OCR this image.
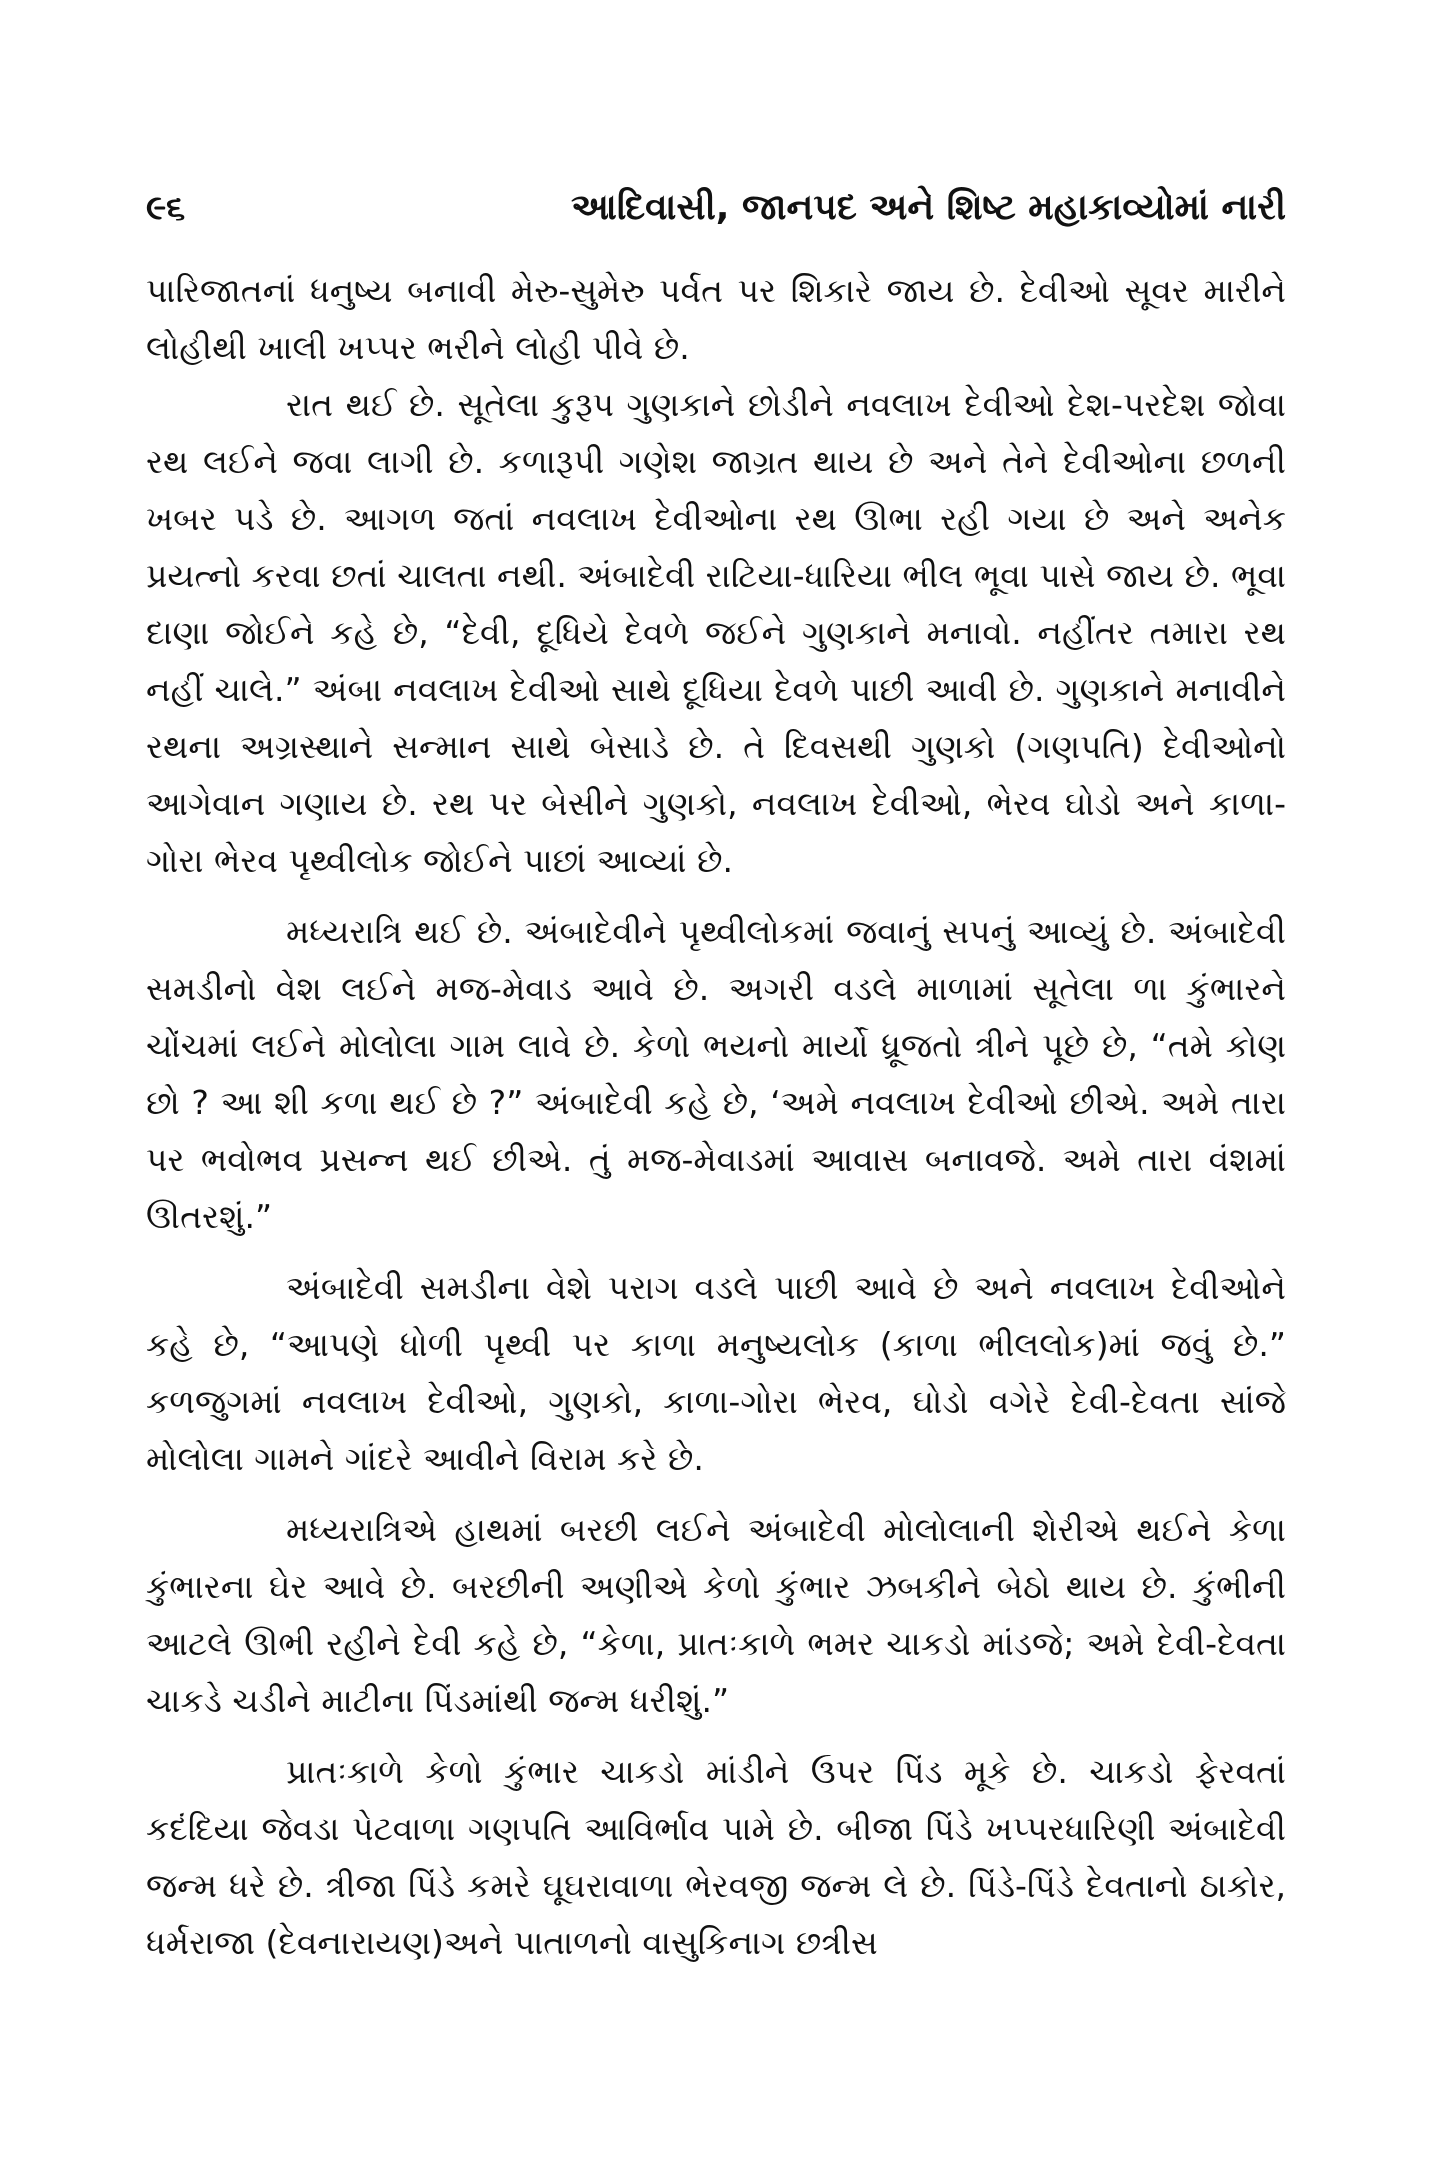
૯૬	આદિવાસી, જાનપદ અને શિષ્ટ મહાકાવ્યોમાં નારી

પારિજાતનાં ધનુષ્ય બનાવી મેરુ-સુમેરુ પર્વત પર શિકારે જાય છે. દેવીઓ સૂવર મારીને લોહીથી ખાલી ખપ્પર ભરીને લોહી પીવે છે.

રાત થઈ છે. સૂતેલા કુરૂપ ગુણકાને છોડીને નવલાખ દેવીઓ દેશ-પરદેશ જોવા રથ લઈને જવા લાગી છે. કળારૂપી ગણેશ જાગ્રત થાય છે અને તેને દેવીઓના છળની ખબર પડે છે. આગળ જતાં નવલાખ દેવીઓના રથ ઊભા રહી ગયા છે અને અનેક પ્રયત્નો કરવા છતાં ચાલતા નથી. અંબાદેવી રાટિયા-ધારિયા ભીલ ભૂવા પાસે જાય છે. ભૂવા દાણા જોઈને કહે છે, “દેવી, દૂધિયે દેવળે જઈને ગુણકાને મનાવો. નહીંતર તમારા રથ નહીં ચાલે.” અંબા નવલાખ દેવીઓ સાથે દૂધિયા દેવળે પાછી આવી છે. ગુણકાને મનાવીને રથના અગ્રસ્થાને સન્માન સાથે બેસાડે છે. તે દિવસથી ગુણકો (ગણપતિ) દેવીઓનો આગેવાન ગણાય છે. રથ પર બેસીને ગુણકો, નવલાખ દેવીઓ, ભેરવ ઘોડો અને કાળા-ગોરા ભેરવ પૃથ્વીલોક જોઈને પાછાં આવ્યાં છે.

મધ્યરાત્રિ થઈ છે. અંબાદેવીને પૃથ્વીલોકમાં જવાનું સપનું આવ્યું છે. અંબાદેવી સમડીનો વેશ લઈને મજ-મેવાડ આવે છે. અગરી વડલે માળામાં સૂતેલા ળા કુંભારને ચોંચમાં લઈને મોલોલા ગામ લાવે છે. કેળો ભયનો માર્યો ધ્રૂજતો ત્રીને પૂછે છે, “તમે કોણ છો ? આ શી કળા થઈ છે ?” અંબાદેવી કહે છે, ‘અમે નવલાખ દેવીઓ છીએ. અમે તારા પર ભવોભવ પ્રસન્ન થઈ છીએ. તું મજ-મેવાડમાં આવાસ બનાવજે. અમે તારા વંશમાં ઊતરશું.”

અંબાદેવી સમડીના વેશે પરાગ વડલે પાછી આવે છે અને નવલાખ દેવીઓને કહે છે, “આપણે ધોળી પૃથ્વી પર કાળા મનુષ્યલોક (કાળા ભીલલોક)માં જવું છે.” કળજુગમાં નવલાખ દેવીઓ, ગુણકો, કાળા-ગોરા ભેરવ, ઘોડો વગેરે દેવી-દેવતા સાંજે મોલોલા ગામને ગાંદરે આવીને વિરામ કરે છે.

મધ્યરાત્રિએ હાથમાં બરછી લઈને અંબાદેવી મોલોલાની શેરીએ થઈને કેળા કુંભારના ઘેર આવે છે. બરછીની અણીએ કેળો કુંભાર ઝબકીને બેઠો થાય છે. કુંભીની આટલે ઊભી રહીને દેવી કહે છે, “કેળા, પ્રાતઃકાળે ભમર ચાકડો માંડજે; અમે દેવી-દેવતા ચાકડે ચડીને માટીના પિંડમાંથી જન્મ ધરીશું.”

પ્રાતઃકાળે કેળો કુંભાર ચાકડો માંડીને ઉપર પિંડ મૂકે છે. ચાકડો ફેરવતાં કદંદિયા જેવડા પેટવાળા ગણપતિ આવિર્ભાવ પામે છે. બીજા પિંડે ખપ્પરધારિણી અંબાદેવી જન્મ ધરે છે. ત્રીજા પિંડે કમરે ઘૂઘરાવાળા ભેરવજી જન્મ લે છે. પિંડે-પિંડે દેવતાનો ઠાકોર, ધર્મરાજા (દેવનારાયણ)અને પાતાળનો વાસુકિનાગ છત્રીસ
